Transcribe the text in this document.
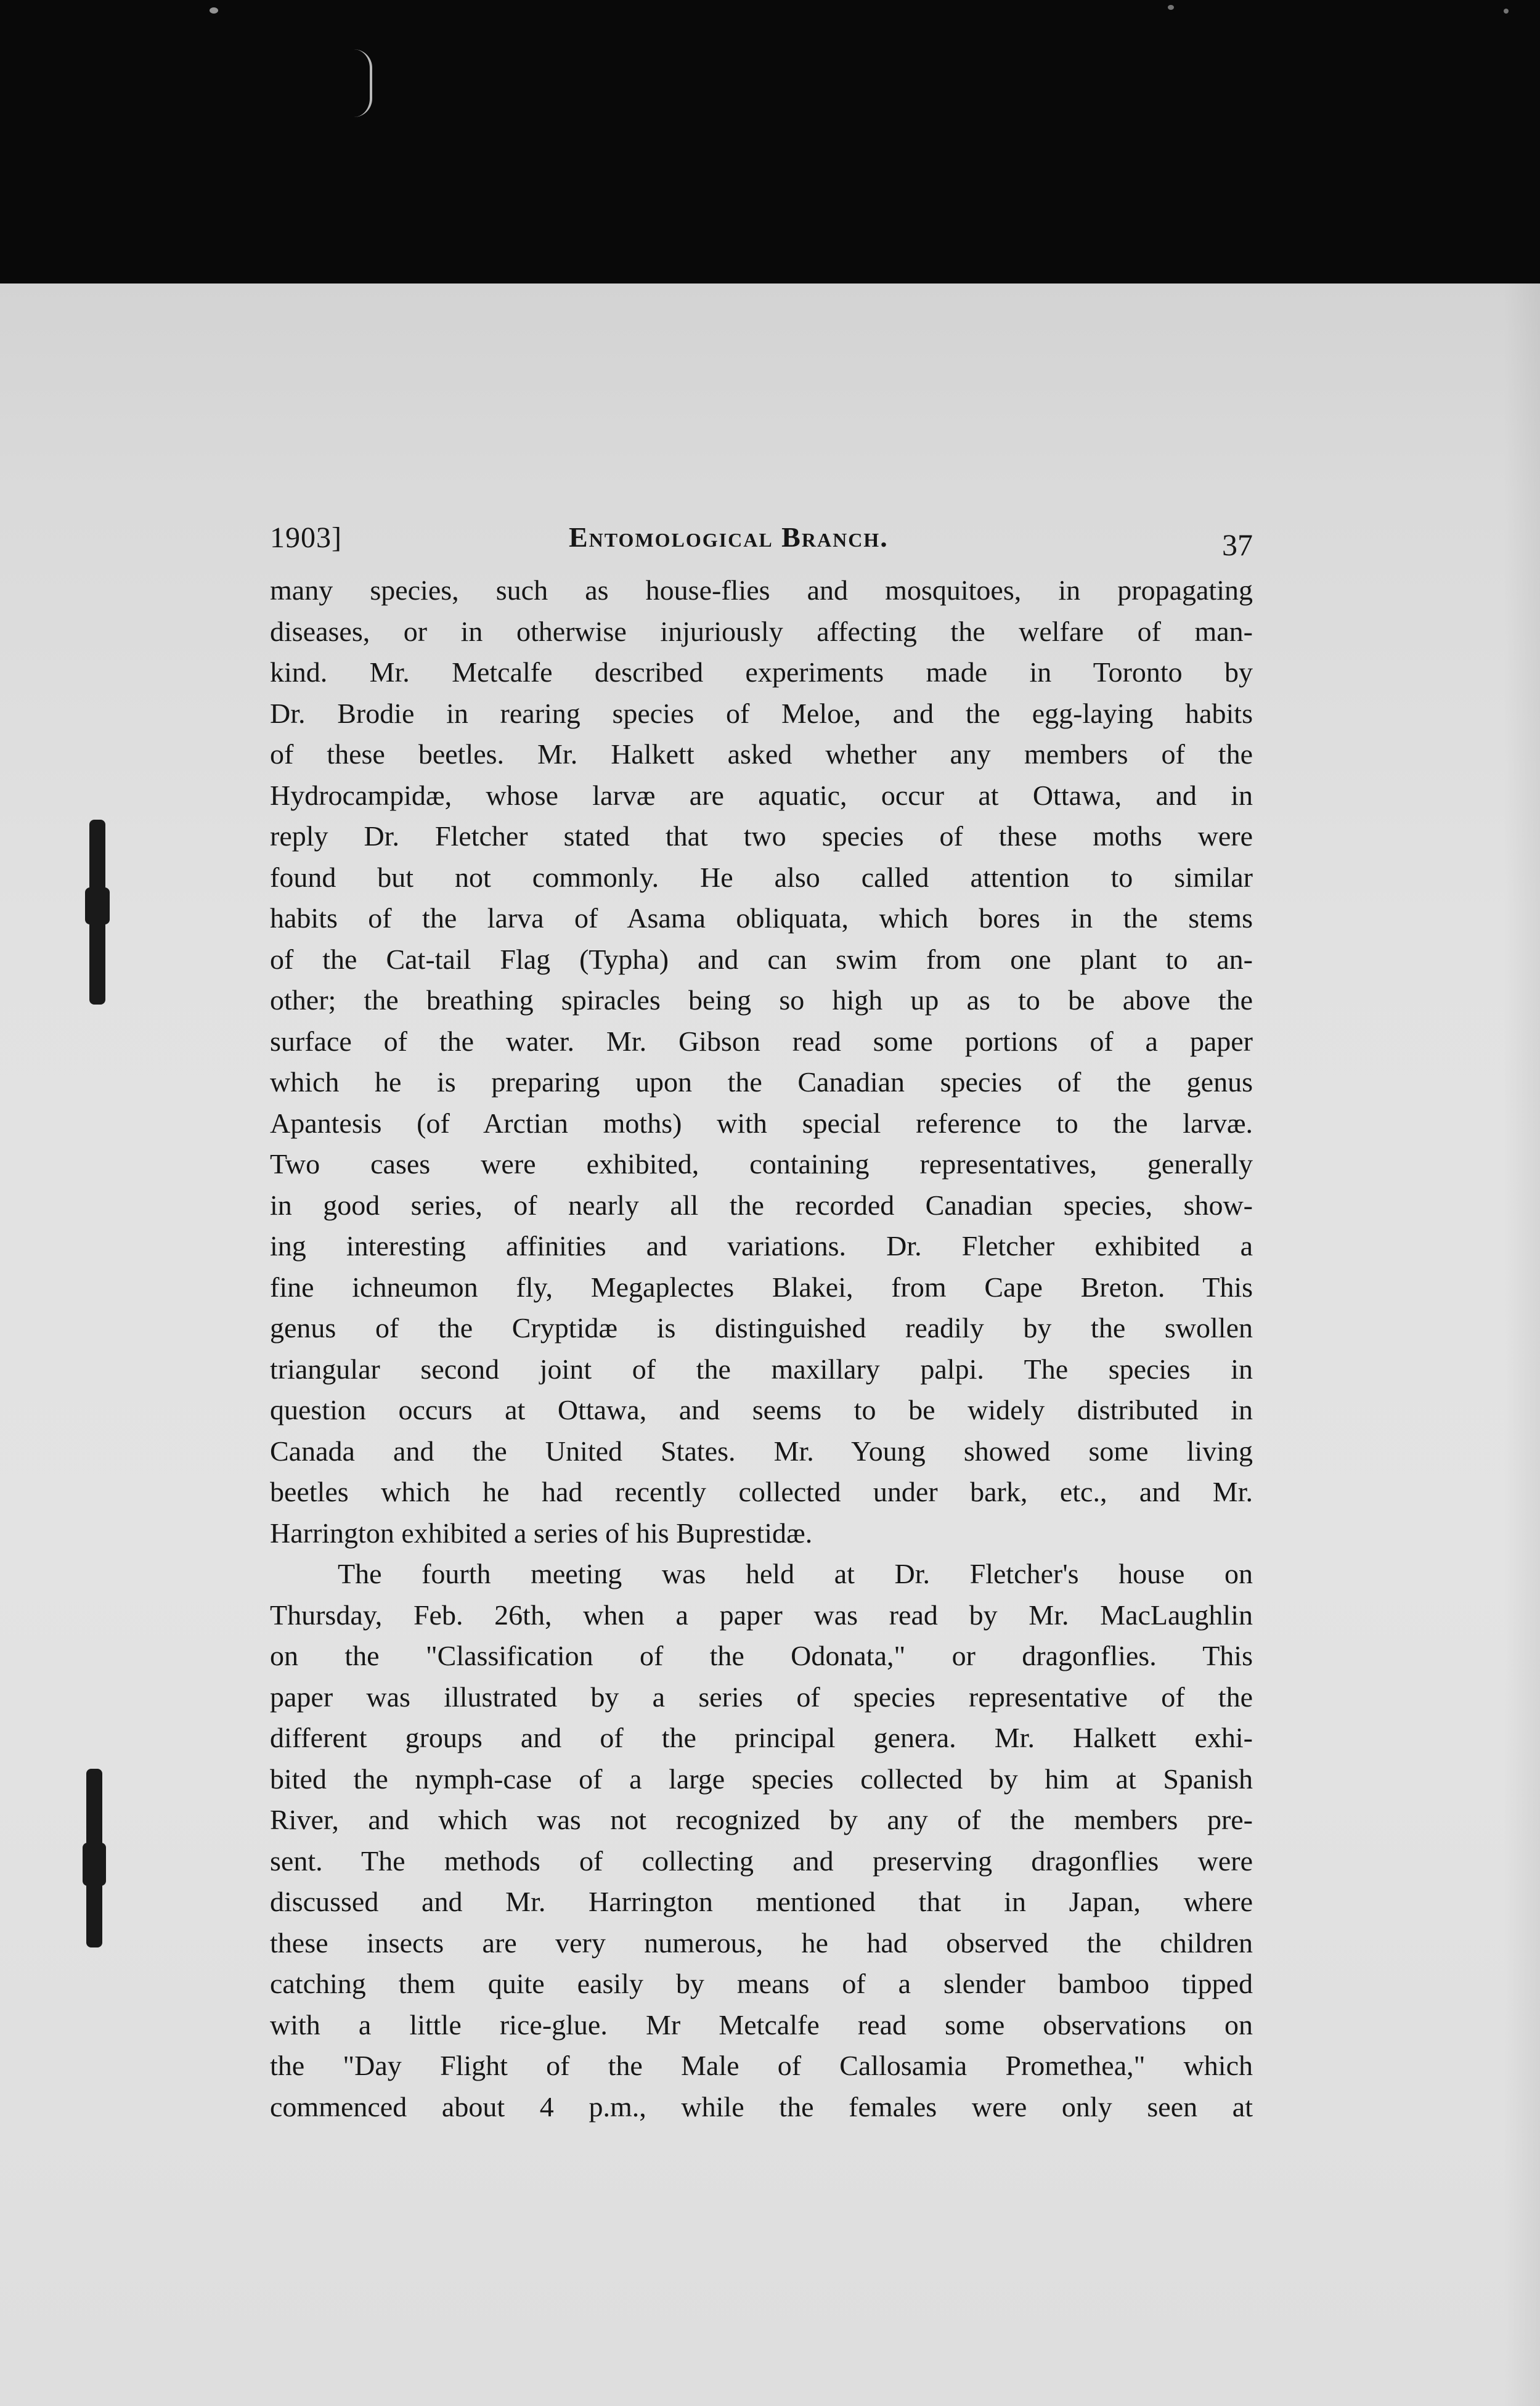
1903]	Entomological Branch.	37
many species, such as house-flies and mosquitoes, in propagating
diseases, or in otherwise injuriously affecting the welfare of man-
kind. Mr. Metcalfe described experiments made in Toronto by
Dr. Brodie in rearing species of Meloe, and the egg-laying habits
of these beetles. Mr. Halkett asked whether any members of the
Hydrocampidæ, whose larvæ are aquatic, occur at Ottawa, and in
reply Dr. Fletcher stated that two species of these moths were
found but not commonly. He also called attention to similar
habits of the larva of Asama obliquata, which bores in the stems
of the Cat-tail Flag (Typha) and can swim from one plant to an-
other; the breathing spiracles being so high up as to be above the
surface of the water. Mr. Gibson read some portions of a paper
which he is preparing upon the Canadian species of the genus
Apantesis (of Arctian moths) with special reference to the larvæ.
Two cases were exhibited, containing representatives, generally
in good series, of nearly all the recorded Canadian species, show-
ing interesting affinities and variations. Dr. Fletcher exhibited a
fine ichneumon fly, Megaplectes Blakei, from Cape Breton. This
genus of the Cryptidæ is distinguished readily by the swollen
triangular second joint of the maxillary palpi. The species in
question occurs at Ottawa, and seems to be widely distributed in
Canada and the United States. Mr. Young showed some living
beetles which he had recently collected under bark, etc., and Mr.
Harrington exhibited a series of his Buprestidæ.
The fourth meeting was held at Dr. Fletcher's house on
Thursday, Feb. 26th, when a paper was read by Mr. MacLaughlin
on the "Classification of the Odonata," or dragonflies. This
paper was illustrated by a series of species representative of the
different groups and of the principal genera. Mr. Halkett exhi-
bited the nymph-case of a large species collected by him at Spanish
River, and which was not recognized by any of the members pre-
sent. The methods of collecting and preserving dragonflies were
discussed and Mr. Harrington mentioned that in Japan, where
these insects are very numerous, he had observed the children
catching them quite easily by means of a slender bamboo tipped
with a little rice-glue. Mr Metcalfe read some observations on
the "Day Flight of the Male of Callosamia Promethea," which
commenced about 4 p.m., while the females were only seen at
